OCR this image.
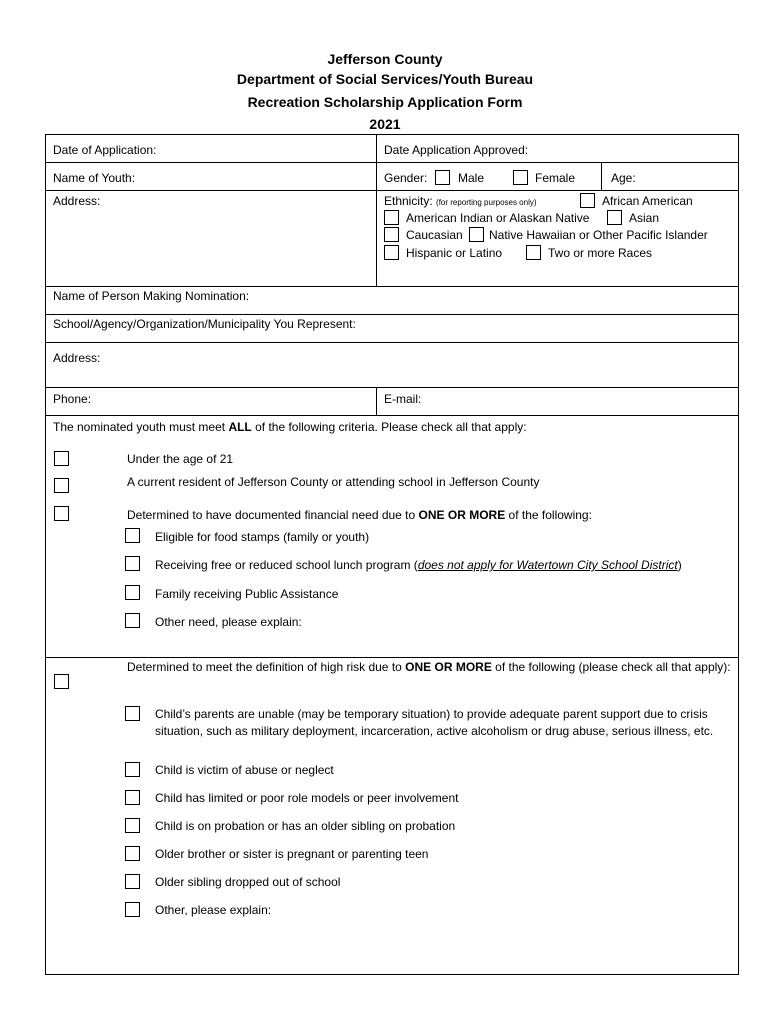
Jefferson County
Department of Social Services/Youth Bureau
Recreation Scholarship Application Form
2021
Date of Application:	Date Application Approved:
Name of Youth:	Gender:	Male	Female	Age:
Address:	Ethnicity: (for reporting purposes only)	African American
American Indian or Alaskan Native	Asian
Caucasian Native Hawaiian or Other Pacific Islander
Hispanic or Latino	Two or more Races
Name of Person Making Nomination:
School/Agency/Organization/Municipality You Represent:
Address:
Phone:	E-mail:
The nominated youth must meet ALL of the following criteria. Please check all that apply:
Under the age of 21
A current resident of Jefferson County or attending school in Jefferson County
Determined to have documented financial need due to ONE OR MORE of the following:
Eligible for food stamps (family or youth)
Receiving free or reduced school lunch program (does not apply for Watertown City School District)
Family receiving Public Assistance
Other need, please explain:
Determined to meet the definition of high risk due to ONE OR MORE of the following (please check all that apply):
Child’s parents are unable (may be temporary situation) to provide adequate parent support due to crisis situation, such as military deployment, incarceration, active alcoholism or drug abuse, serious illness, etc.
Child is victim of abuse or neglect
Child has limited or poor role models or peer involvement
Child is on probation or has an older sibling on probation
Older brother or sister is pregnant or parenting teen
Older sibling dropped out of school
Other, please explain:
